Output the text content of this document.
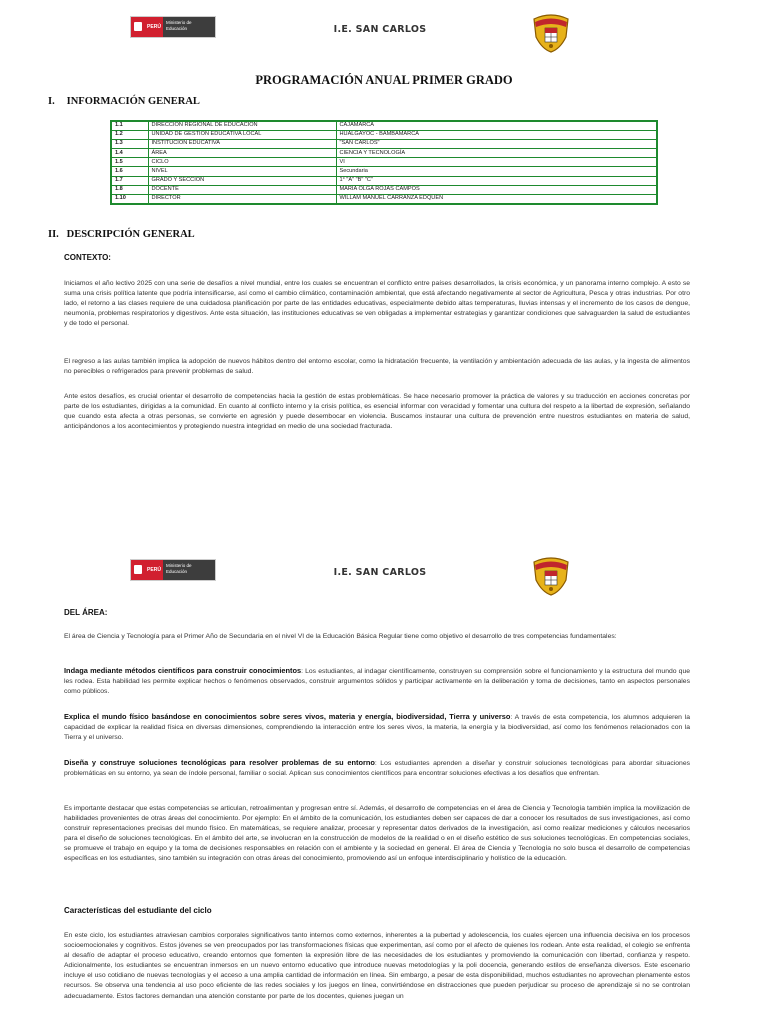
PERÚ
Ministerio de Educación	I.E. SAN CARLOS
PROGRAMACIÓN ANUAL PRIMER GRADO
I. INFORMACIÓN GENERAL
1.1	DIRECCIÓN REGIONAL DE EDUCACIÓN	CAJAMARCA
1.2	UNIDAD DE GESTIÓN EDUCATIVA LOCAL	HUALGAYOC - BAMBAMARCA
1.3	INSTITUCIÓN EDUCATIVA	"SAN CARLOS"
1.4	ÁREA	CIENCIA Y TECNOLOGÍA
1.5	CICLO	VI
1.6	NIVEL	Secundaria
1.7	GRADO Y SECCIÓN	1° "A" "B" "C"
1.8	DOCENTE	MARÍA OLGA ROJAS CAMPOS
1.10	DIRECTOR	WILLAM MANUEL CARRANZA EDQUÉN
II. DESCRIPCIÓN GENERAL
CONTEXTO:

Iniciamos el año lectivo 2025 con una serie de desafíos a nivel mundial, entre los cuales se encuentran el conflicto entre países desarrollados, la crisis económica, y un panorama interno complejo. A esto se suma una crisis política latente que podría intensificarse, así como el cambio climático, contaminación ambiental, que está afectando negativamente al sector de Agricultura, Pesca y otras industrias. Por otro lado, el retorno a las clases requiere de una cuidadosa planificación por parte de las entidades educativas, especialmente debido altas temperaturas, lluvias intensas y el incremento de los casos de dengue, neumonía, problemas respiratorios y digestivos. Ante esta situación, las instituciones educativas se ven obligadas a implementar estrategias y garantizar condiciones que salvaguarden la salud de estudiantes y de todo el personal.

El regreso a las aulas también implica la adopción de nuevos hábitos dentro del entorno escolar, como la hidratación frecuente, la ventilación y ambientación adecuada de las aulas, y la ingesta de alimentos no perecibles o refrigerados para prevenir problemas de salud.

Ante estos desafíos, es crucial orientar el desarrollo de competencias hacia la gestión de estas problemáticas. Se hace necesario promover la práctica de valores y su traducción en acciones concretas por parte de los estudiantes, dirigidas a la comunidad. En cuanto al conflicto interno y la crisis política, es esencial informar con veracidad y fomentar una cultura del respeto a la libertad de expresión, señalando que cuando esta afecta a otras personas, se convierte en agresión y puede desembocar en violencia. Buscamos instaurar una cultura de prevención entre nuestros estudiantes en materia de salud, anticipándonos a los acontecimientos y protegiendo nuestra integridad en medio de una sociedad fracturada.

PERÚ
Ministerio de Educación	I.E. SAN CARLOS
DEL ÁREA:

El área de Ciencia y Tecnología para el Primer Año de Secundaria en el nivel VI de la Educación Básica Regular tiene como objetivo el desarrollo de tres competencias fundamentales:

Indaga mediante métodos científicos para construir conocimientos: Los estudiantes, al indagar científicamente, construyen su comprensión sobre el funcionamiento y la estructura del mundo que les rodea. Esta habilidad les permite explicar hechos o fenómenos observados, construir argumentos sólidos y participar activamente en la deliberación y toma de decisiones, tanto en aspectos personales como públicos.

Explica el mundo físico basándose en conocimientos sobre seres vivos, materia y energía, biodiversidad, Tierra y universo: A través de esta competencia, los alumnos adquieren la capacidad de explicar la realidad física en diversas dimensiones, comprendiendo la interacción entre los seres vivos, la materia, la energía y la biodiversidad, así como los fenómenos relacionados con la Tierra y el universo.

Diseña y construye soluciones tecnológicas para resolver problemas de su entorno: Los estudiantes aprenden a diseñar y construir soluciones tecnológicas para abordar situaciones problemáticas en su entorno, ya sean de índole personal, familiar o social. Aplican sus conocimientos científicos para encontrar soluciones efectivas a los desafíos que enfrentan.

Es importante destacar que estas competencias se articulan, retroalimentan y progresan entre sí. Además, el desarrollo de competencias en el área de Ciencia y Tecnología también implica la movilización de habilidades provenientes de otras áreas del conocimiento. Por ejemplo: En el ámbito de la comunicación, los estudiantes deben ser capaces de dar a conocer los resultados de sus investigaciones, así como construir representaciones precisas del mundo físico. En matemáticas, se requiere analizar, procesar y representar datos derivados de la investigación, así como realizar mediciones y cálculos necesarios para el diseño de soluciones tecnológicas. En el ámbito del arte, se involucran en la construcción de modelos de la realidad o en el diseño estético de sus soluciones tecnológicas. En competencias sociales, se promueve el trabajo en equipo y la toma de decisiones responsables en relación con el ambiente y la sociedad en general. El área de Ciencia y Tecnología no solo busca el desarrollo de competencias específicas en los estudiantes, sino también su integración con otras áreas del conocimiento, promoviendo así un enfoque interdisciplinario y holístico de la educación.

Características del estudiante del ciclo

En este ciclo, los estudiantes atraviesan cambios corporales significativos tanto internos como externos, inherentes a la pubertad y adolescencia, los cuales ejercen una influencia decisiva en los procesos socioemocionales y cognitivos. Estos jóvenes se ven preocupados por las transformaciones físicas que experimentan, así como por el afecto de quienes los rodean. Ante esta realidad, el colegio se enfrenta al desafío de adaptar el proceso educativo, creando entornos que fomenten la expresión libre de las necesidades de los estudiantes y promoviendo la comunicación con libertad, confianza y respeto. Adicionalmente, los estudiantes se encuentran inmersos en un nuevo entorno educativo que introduce nuevas metodologías y la poli docencia, generando estilos de enseñanza diversos. Este escenario incluye el uso cotidiano de nuevas tecnologías y el acceso a una amplia cantidad de información en línea. Sin embargo, a pesar de esta disponibilidad, muchos estudiantes no aprovechan plenamente estos recursos. Se observa una tendencia al uso poco eficiente de las redes sociales y los juegos en línea, convirtiéndose en distracciones que pueden perjudicar su proceso de aprendizaje si no se controlan adecuadamente. Estos factores demandan una atención constante por parte de los docentes, quienes juegan un
